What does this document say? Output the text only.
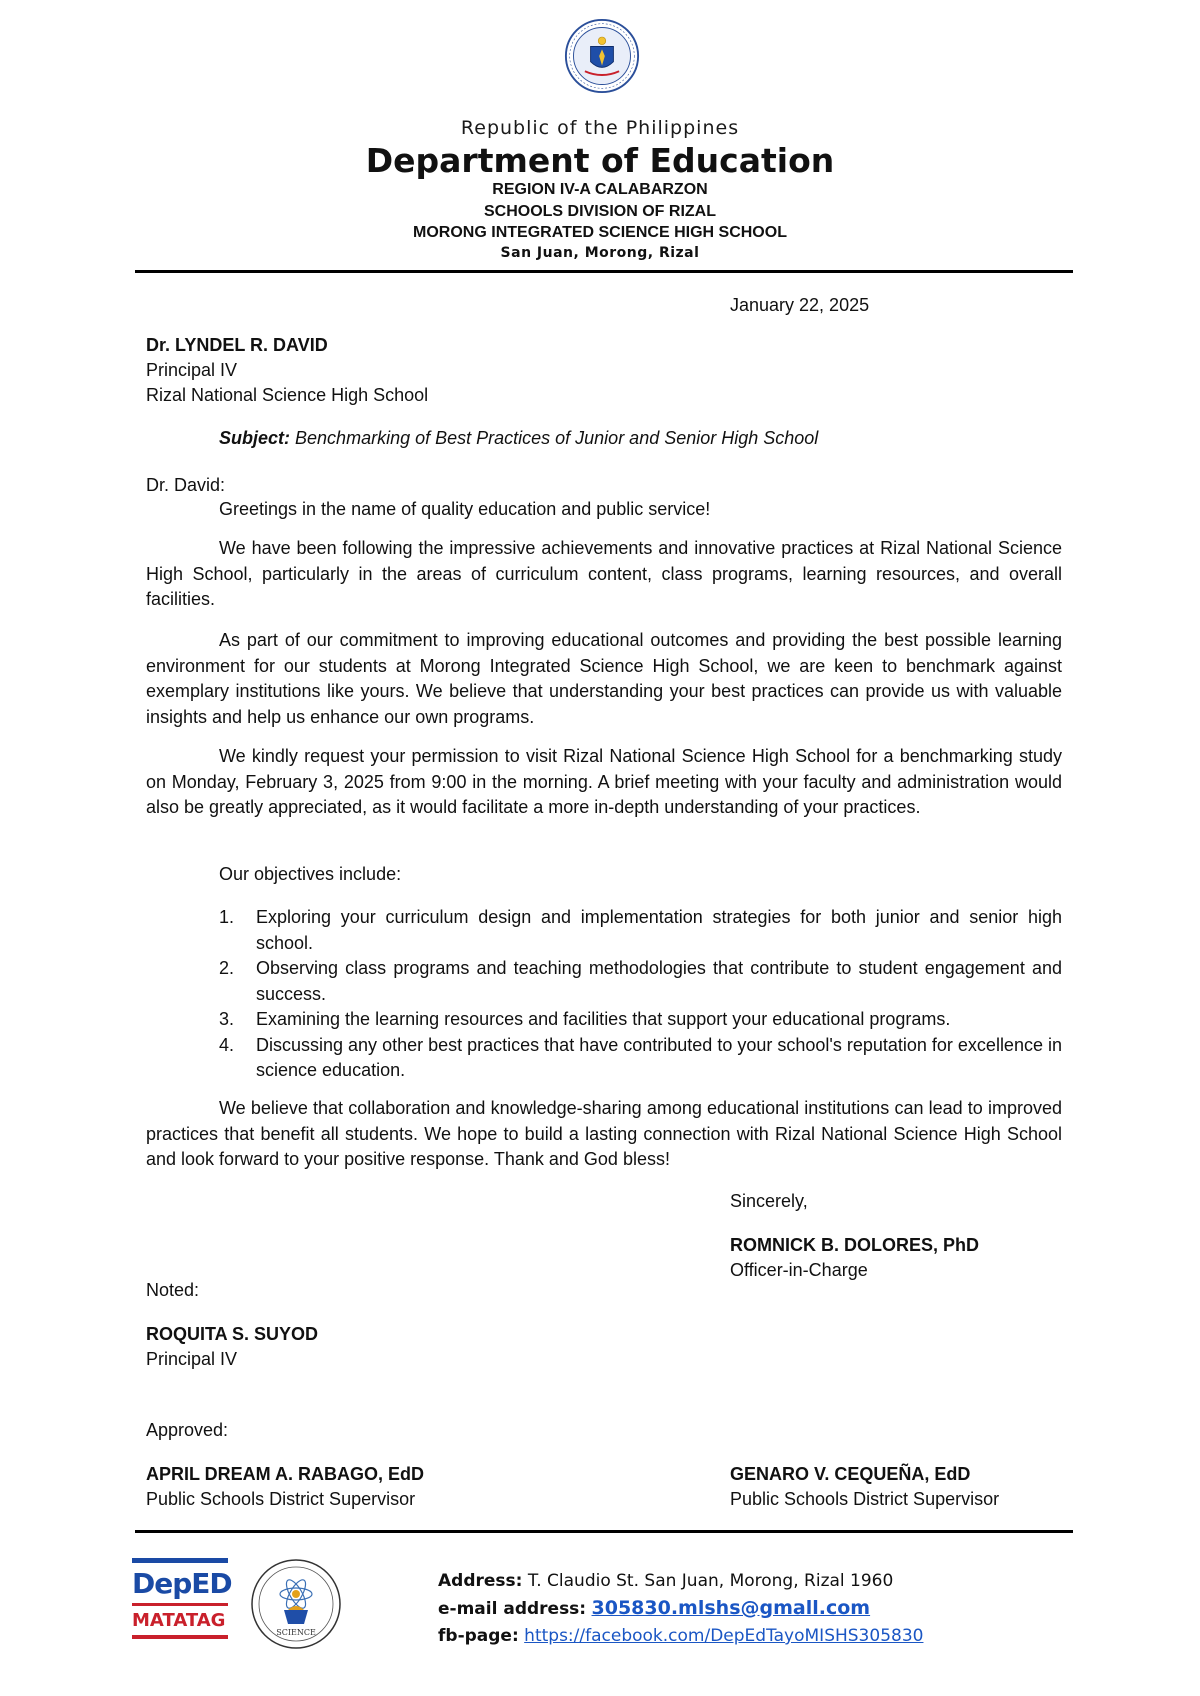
Republic of the Philippines

Department of Education

REGION IV-A CALABARZON

SCHOOLS DIVISION OF RIZAL

MORONG INTEGRATED SCIENCE HIGH SCHOOL

San Juan, Morong, Rizal

January 22, 2025

Dr. LYNDEL R. DAVID
Principal IV
Rizal National Science High School

Subject: Benchmarking of Best Practices of Junior and Senior High School

Dr. David:

Greetings in the name of quality education and public service!

We have been following the impressive achievements and innovative practices at Rizal National Science High School, particularly in the areas of curriculum content, class programs, learning resources, and overall facilities.

As part of our commitment to improving educational outcomes and providing the best possible learning environment for our students at Morong Integrated Science High School, we are keen to benchmark against exemplary institutions like yours. We believe that understanding your best practices can provide us with valuable insights and help us enhance our own programs.

We kindly request your permission to visit Rizal National Science High School for a benchmarking study on Monday, February 3, 2025 from 9:00 in the morning. A brief meeting with your faculty and administration would also be greatly appreciated, as it would facilitate a more in-depth understanding of your practices.

Our objectives include:

1. Exploring your curriculum design and implementation strategies for both junior and senior high school.
2. Observing class programs and teaching methodologies that contribute to student engagement and success.
3. Examining the learning resources and facilities that support your educational programs.
4. Discussing any other best practices that have contributed to your school's reputation for excellence in science education.

We believe that collaboration and knowledge-sharing among educational institutions can lead to improved practices that benefit all students. We hope to build a lasting connection with Rizal National Science High School and look forward to your positive response. Thank and God bless!

Sincerely,

ROMNICK B. DOLORES, PhD
Officer-in-Charge

Noted:

ROQUITA S. SUYOD
Principal IV

Approved:

APRIL DREAM A. RABAGO, EdD
Public Schools District Supervisor
GENARO V. CEQUEÑA, EdD
Public Schools District Supervisor
DepED
MATATAG
SCIENCE
Address: T. Claudio St. San Juan, Morong, Rizal 1960
e-mail address: 305830.mlshs@gmall.com
fb-page: https://facebook.com/DepEdTayoMISHS305830
